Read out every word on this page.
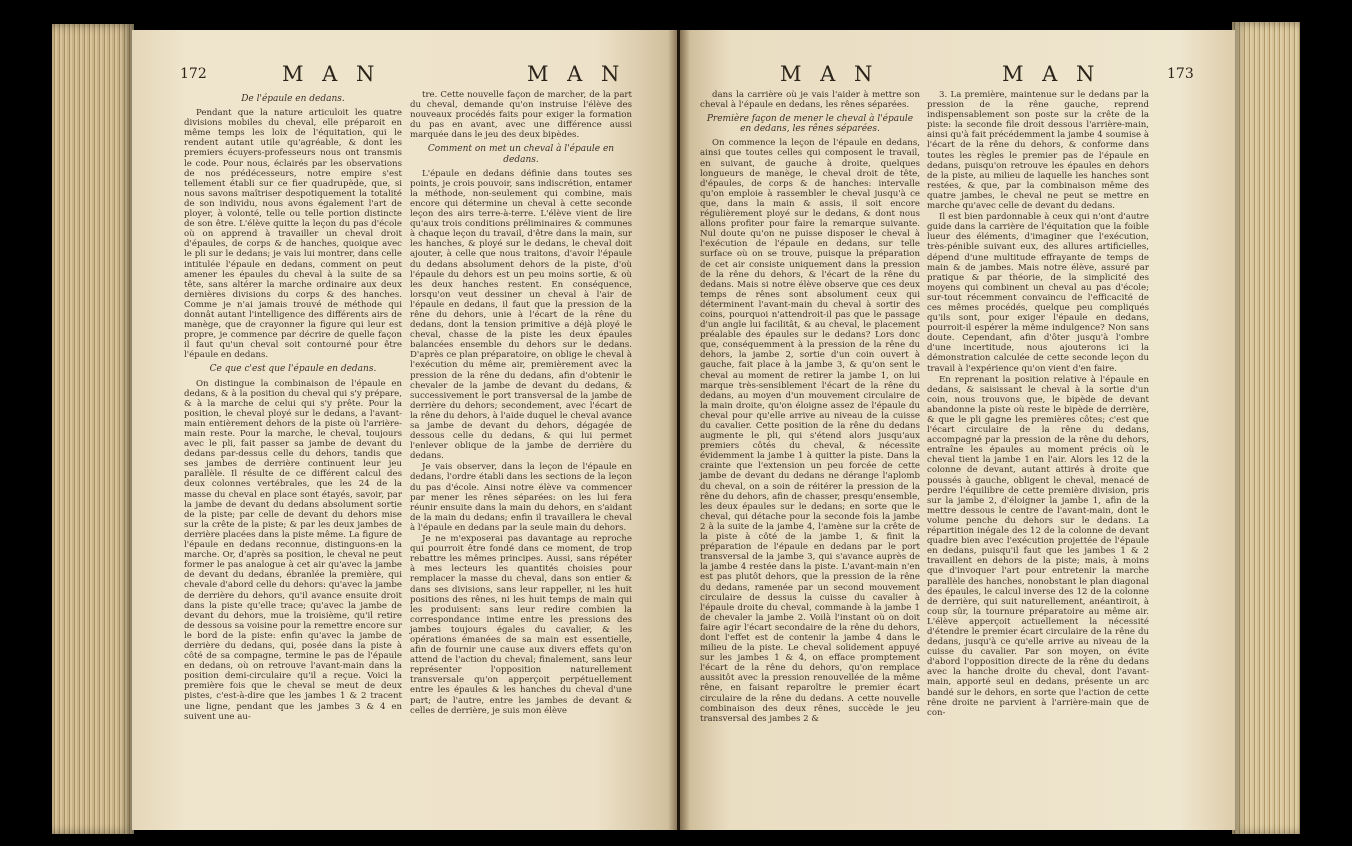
172	M A N	M A N

De l'épaule en dedans.

Pendant que la nature articuloit les quatre divisions mobiles du cheval, elle préparoit en même temps les loix de l'équitation, qui le rendent autant utile qu'agréable, & dont les premiers écuyers-professeurs nous ont transmis le code. Pour nous, éclairés par les observations de nos prédécesseurs, notre empire s'est tellement établi sur ce fier quadrupède, que, si nous savons maîtriser despotiquement la totalité de son individu, nous avons également l'art de ployer, à volonté, telle ou telle portion distincte de son être. L'élève quitte la leçon du pas d'école où on apprend à travailler un cheval droit d'épaules, de corps & de hanches, quoique avec le pli sur le dedans; je vais lui montrer, dans celle intitulée l'épaule en dedans, comment on peut amener les épaules du cheval à la suite de sa tête, sans altérer la marche ordinaire aux deux dernières divisions du corps & des hanches. Comme je n'ai jamais trouvé de méthode qui donnât autant l'intelligence des différents airs de manège, que de crayonner la figure qui leur est propre, je commence par décrire de quelle façon il faut qu'un cheval soit contourné pour être l'épaule en dedans.

Ce que c'est que l'épaule en dedans.

On distingue la combinaison de l'épaule en dedans, & à la position du cheval qui s'y prépare, & à la marche de celui qui s'y prête. Pour la position, le cheval ployé sur le dedans, a l'avant-main entièrement dehors de la piste où l'arrière-main reste. Pour la marche, le cheval, toujours avec le pli, fait passer sa jambe de devant du dedans par-dessus celle du dehors, tandis que ses jambes de derrière continuent leur jeu parallèle. Il résulte de ce différent calcul des deux colonnes vertébrales, que les 24 de la masse du cheval en place sont étayés, savoir, par la jambe de devant du dedans absolument sortie de la piste; par celle de devant du dehors mise sur la crête de la piste; & par les deux jambes de derrière placées dans la piste même. La figure de l'épaule en dedans reconnue, distinguons-en la marche. Or, d'après sa position, le cheval ne peut former le pas analogue à cet air qu'avec la jambe de devant du dedans, ébranlée la première, qui chevale d'abord celle du dehors: qu'avec la jambe de derrière du dehors, qu'il avance ensuite droit dans la piste qu'elle trace; qu'avec la jambe de devant du dehors, mue la troisième, qu'il retire de dessous sa voisine pour la remettre encore sur le bord de la piste: enfin qu'avec la jambe de derrière du dedans, qui, posée dans la piste à côté de sa compagne, termine le pas de l'épaule en dedans, où on retrouve l'avant-main dans la position demi-circulaire qu'il a reçue. Voici la première fois que le cheval se meut de deux pistes, c'est-à-dire que les jambes 1 & 2 tracent une ligne, pendant que les jambes 3 & 4 en suivent une au-

tre. Cette nouvelle façon de marcher, de la part du cheval, demande qu'on instruise l'élève des nouveaux procédés faits pour exiger la formation du pas en avant, avec une différence aussi marquée dans le jeu des deux bipèdes.

Comment on met un cheval à l'épaule en dedans.

L'épaule en dedans définie dans toutes ses points, je crois pouvoir, sans indiscrétion, entamer la méthode, non-seulement qui combine, mais encore qui détermine un cheval à cette seconde leçon des airs terre-à-terre. L'élève vient de lire qu'aux trois conditions préliminaires & communes à chaque leçon du travail, d'être dans la main, sur les hanches, & ployé sur le dedans, le cheval doit ajouter, à celle que nous traitons, d'avoir l'épaule du dedans absolument dehors de la piste, d'où l'épaule du dehors est un peu moins sortie, & où les deux hanches restent. En conséquence, lorsqu'on veut dessiner un cheval à l'air de l'épaule en dedans, il faut que la pression de la rêne du dehors, unie à l'écart de la rêne du dedans, dont la tension primitive a déjà ployé le cheval, chasse de la piste les deux épaules balancées ensemble du dehors sur le dedans. D'après ce plan préparatoire, on oblige le cheval à l'exécution du même air, premièrement avec la pression de la rêne du dedans, afin d'obtenir le chevaler de la jambe de devant du dedans, & successivement le port transversal de la jambe de derrière du dehors; secondement, avec l'écart de la rêne du dehors, à l'aide duquel le cheval avance sa jambe de devant du dehors, dégagée de dessous celle du dedans, & qui lui permet l'enlever oblique de la jambe de derrière du dedans.

Je vais observer, dans la leçon de l'épaule en dedans, l'ordre établi dans les sections de la leçon du pas d'école. Ainsi notre élève va commencer par mener les rênes séparées: on les lui fera réunir ensuite dans la main du dehors, en s'aidant de la main du dedans; enfin il travaillera le cheval à l'épaule en dedans par la seule main du dehors.

Je ne m'exposerai pas davantage au reproche qui pourroit être fondé dans ce moment, de trop rebattre les mêmes principes. Aussi, sans répéter à mes lecteurs les quantités choisies pour remplacer la masse du cheval, dans son entier & dans ses divisions, sans leur rappeller, ni les huit positions des rênes, ni les huit temps de main qui les produisent: sans leur redire combien la correspondance intime entre les pressions des jambes toujours égales du cavalier, & les opérations émanées de sa main est essentielle, afin de fournir une cause aux divers effets qu'on attend de l'action du cheval; finalement, sans leur représenter l'opposition naturellement transversale qu'on apperçoit perpétuellement entre les épaules & les hanches du cheval d'une part; de l'autre, entre les jambes de devant & celles de derrière, je suis mon élève

M A N	M A N	173

dans la carrière où je vais l'aider à mettre son cheval à l'épaule en dedans, les rênes séparées.

Première façon de mener le cheval à l'épaule en dedans, les rênes séparées.

On commence la leçon de l'épaule en dedans, ainsi que toutes celles qui composent le travail, en suivant, de gauche à droite, quelques longueurs de manège, le cheval droit de tête, d'épaules, de corps & de hanches: intervalle qu'on emploie à rassembler le cheval jusqu'à ce que, dans la main & assis, il soit encore régulièrement ployé sur le dedans, & dont nous allons profiter pour faire la remarque suivante. Nul doute qu'on ne puisse disposer le cheval à l'exécution de l'épaule en dedans, sur telle surface où on se trouve, puisque la préparation de cet air consiste uniquement dans la pression de la rêne du dehors, & l'écart de la rêne du dedans. Mais si notre élève observe que ces deux temps de rênes sont absolument ceux qui déterminent l'avant-main du cheval à sortir des coins, pourquoi n'attendroit-il pas que le passage d'un angle lui facilitât, & au cheval, le placement préalable des épaules sur le dedans? Lors donc que, conséquemment à la pression de la rêne du dehors, la jambe 2, sortie d'un coin ouvert à gauche, fait place à la jambe 3, & qu'on sent le cheval au moment de retirer la jambe 1, on lui marque très-sensiblement l'écart de la rêne du dedans, au moyen d'un mouvement circulaire de la main droite, qu'on éloigne assez de l'épaule du cheval pour qu'elle arrive au niveau de la cuisse du cavalier. Cette position de la rêne du dedans augmente le pli, qui s'étend alors jusqu'aux premiers côtés du cheval, & nécessite évidemment la jambe 1 à quitter la piste. Dans la crainte que l'extension un peu forcée de cette jambe de devant du dedans ne dérange l'aplomb du cheval, on a soin de réitérer la pression de la rêne du dehors, afin de chasser, presqu'ensemble, les deux épaules sur le dedans; en sorte que le cheval, qui détache pour la seconde fois la jambe 2 à la suite de la jambe 4, l'amène sur la crête de la piste à côté de la jambe 1, & finit la préparation de l'épaule en dedans par le port transversal de la jambe 3, qui s'avance auprès de la jambe 4 restée dans la piste. L'avant-main n'en est pas plutôt dehors, que la pression de la rêne du dedans, ramenée par un second mouvement circulaire de dessus la cuisse du cavalier à l'épaule droite du cheval, commande à la jambe 1 de chevaler la jambe 2. Voilà l'instant où on doit faire agir l'écart secondaire de la rêne du dehors, dont l'effet est de contenir la jambe 4 dans le milieu de la piste. Le cheval solidement appuyé sur les jambes 1 & 4, on efface promptement l'écart de la rêne du dehors, qu'on remplace aussitôt avec la pression renouvellée de la même rêne, en faisant reparoître le premier écart circulaire de la rêne du dedans. A cette nouvelle combinaison des deux rênes, succède le jeu transversal des jambes 2 &

3. La première, maintenue sur le dedans par la pression de la rêne gauche, reprend indispensablement son poste sur la crête de la piste: la seconde file droit dessous l'arrière-main, ainsi qu'à fait précédemment la jambe 4 soumise à l'écart de la rêne du dehors, & conforme dans toutes les règles le premier pas de l'épaule en dedans, puisqu'on retrouve les épaules en dehors de la piste, au milieu de laquelle les hanches sont restées, & que, par la combinaison même des quatre jambes, le cheval ne peut se mettre en marche qu'avec celle de devant du dedans.

Il est bien pardonnable à ceux qui n'ont d'autre guide dans la carrière de l'équitation que la foible lueur des éléments, d'imaginer que l'exécution, très-pénible suivant eux, des allures artificielles, dépend d'une multitude effrayante de temps de main & de jambes. Mais notre élève, assuré par pratique & par théorie, de la simplicité des moyens qui combinent un cheval au pas d'école; sur-tout récemment convaincu de l'efficacité de ces mêmes procédés, quelque peu compliqués qu'ils sont, pour exiger l'épaule en dedans, pourroit-il espérer la même indulgence? Non sans doute. Cependant, afin d'ôter jusqu'à l'ombre d'une incertitude, nous ajouterons ici la démonstration calculée de cette seconde leçon du travail à l'expérience qu'on vient d'en faire.

En reprenant la position relative à l'épaule en dedans, & saisissant le cheval à la sortie d'un coin, nous trouvons que, le bipède de devant abandonne la piste où reste le bipède de derrière, & que le pli gagne les premières côtes; c'est que l'écart circulaire de la rêne du dedans, accompagné par la pression de la rêne du dehors, entraîne les épaules au moment précis où le cheval tient la jambe 1 en l'air. Alors les 12 de la colonne de devant, autant attirés à droite que poussés à gauche, obligent le cheval, menacé de perdre l'équilibre de cette première division, pris sur la jambe 2, d'éloigner la jambe 1, afin de la mettre dessous le centre de l'avant-main, dont le volume penche du dehors sur le dedans. La répartition inégale des 12 de la colonne de devant quadre bien avec l'exécution projettée de l'épaule en dedans, puisqu'il faut que les jambes 1 & 2 travaillent en dehors de la piste; mais, à moins que d'invoquer l'art pour entretenir la marche parallèle des hanches, nonobstant le plan diagonal des épaules, le calcul inverse des 12 de la colonne de derrière, qui suit naturellement, anéantiroit, à coup sûr, la tournure préparatoire au même air. L'élève apperçoit actuellement la nécessité d'étendre le premier écart circulaire de la rêne du dedans, jusqu'à ce qu'elle arrive au niveau de la cuisse du cavalier. Par son moyen, on évite d'abord l'opposition directe de la rêne du dedans avec la hanche droite du cheval, dont l'avant-main, apporté seul en dedans, présente un arc bandé sur le dehors, en sorte que l'action de cette rêne droite ne parvient à l'arrière-main que de con-
